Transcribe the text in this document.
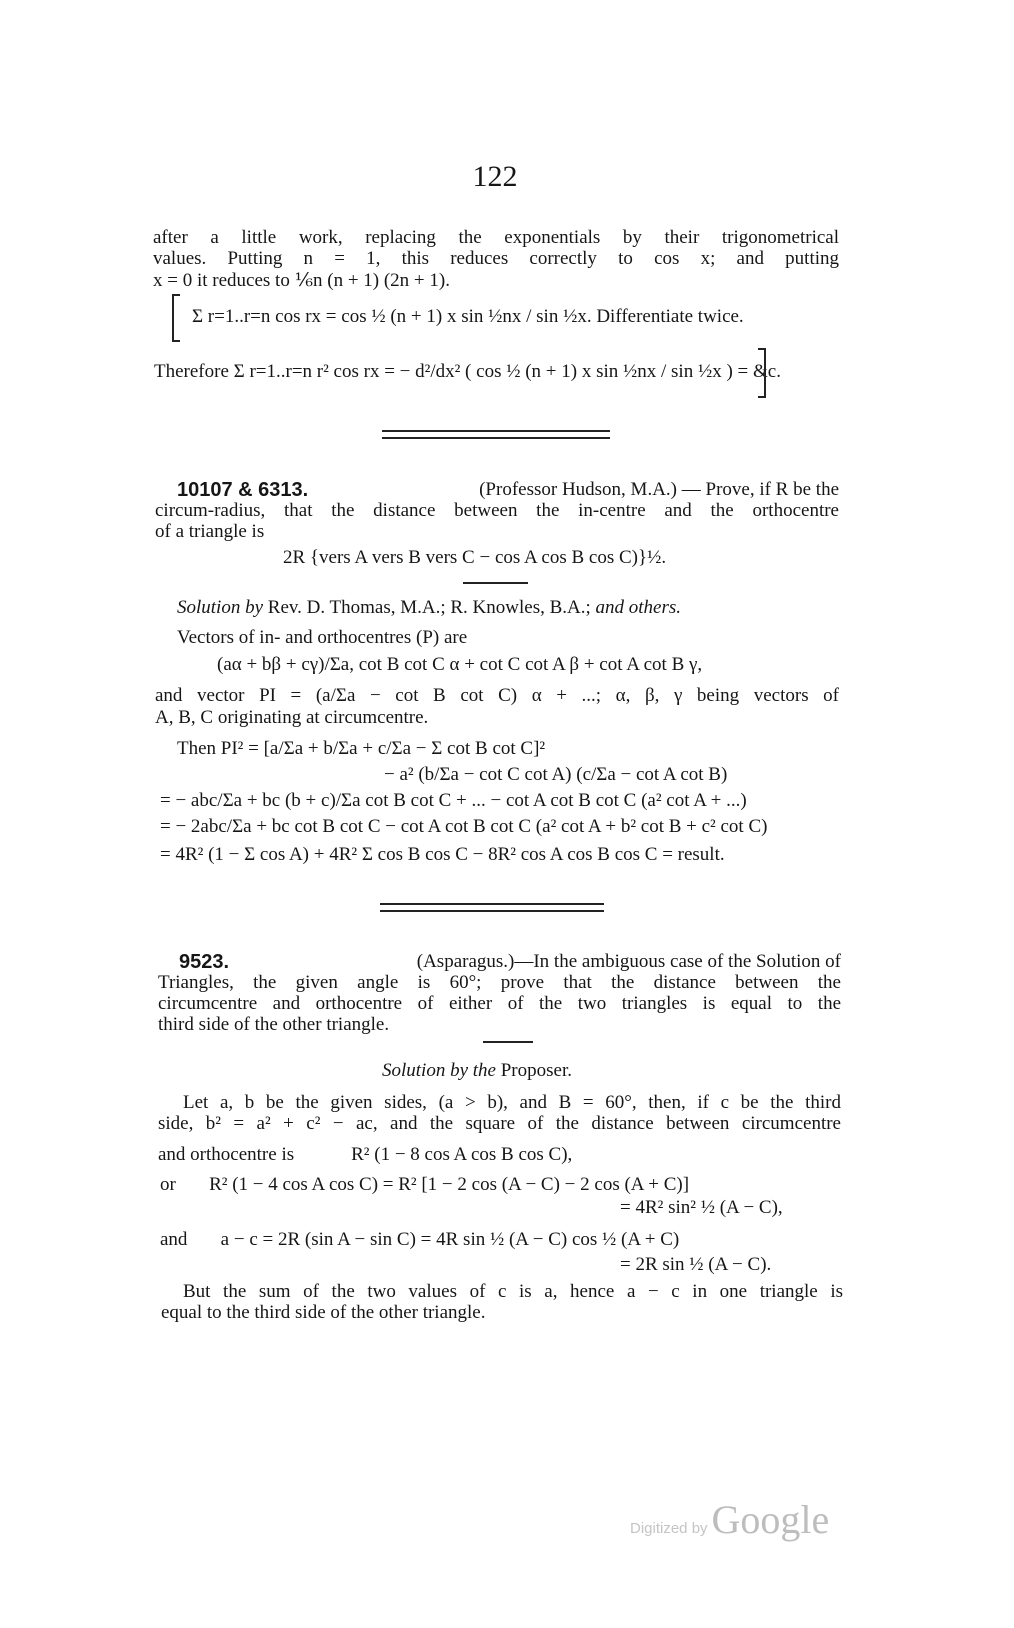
122
after a little work, replacing the exponentials by their trigonometrical
values. Putting n = 1, this reduces correctly to cos x; and putting
x = 0 it reduces to ⅙n (n + 1) (2n + 1).
Σ r=1..r=n cos rx = cos ½ (n + 1) x sin ½nx / sin ½x. Differentiate twice.
Therefore Σ r=1..r=n r² cos rx = − d²/dx² ( cos ½ (n + 1) x sin ½nx / sin ½x ) = &c.
10107 & 6313.	(Professor Hudson, M.A.) — Prove, if R be the
circum-radius, that the distance between the in-centre and the orthocentre
of a triangle is
2R {vers A vers B vers C − cos A cos B cos C)}½.
Solution by Rev. D. Thomas, M.A.; R. Knowles, B.A.; and others.
Vectors of in- and orthocentres (P) are
(aα + bβ + cγ)/Σa, cot B cot C α + cot C cot A β + cot A cot B γ,
and vector PI = (a/Σa − cot B cot C) α + ...; α, β, γ being vectors of
A, B, C originating at circumcentre.
Then PI² = [a/Σa + b/Σa + c/Σa − Σ cot B cot C]²
− a² (b/Σa − cot C cot A) (c/Σa − cot A cot B)
= − abc/Σa + bc (b + c)/Σa cot B cot C + ... − cot A cot B cot C (a² cot A + ...)
= − 2abc/Σa + bc cot B cot C − cot A cot B cot C (a² cot A + b² cot B + c² cot C)
= 4R² (1 − Σ cos A) + 4R² Σ cos B cos C − 8R² cos A cos B cos C = result.
9523.	(Asparagus.)—In the ambiguous case of the Solution of
Triangles, the given angle is 60°; prove that the distance between the
circumcentre and orthocentre of either of the two triangles is equal to the
third side of the other triangle.
Solution by the Proposer.
Let a, b be the given sides, (a > b), and B = 60°, then, if c be the third
side, b² = a² + c² − ac, and the square of the distance between circumcentre
and orthocentre is            R² (1 − 8 cos A cos B cos C),
or       R² (1 − 4 cos A cos C) = R² [1 − 2 cos (A − C) − 2 cos (A + C)]
= 4R² sin² ½ (A − C),
and       a − c = 2R (sin A − sin C) = 4R sin ½ (A − C) cos ½ (A + C)
= 2R sin ½ (A − C).
But the sum of the two values of c is a, hence a − c in one triangle is
equal to the third side of the other triangle.
Digitized by Google
